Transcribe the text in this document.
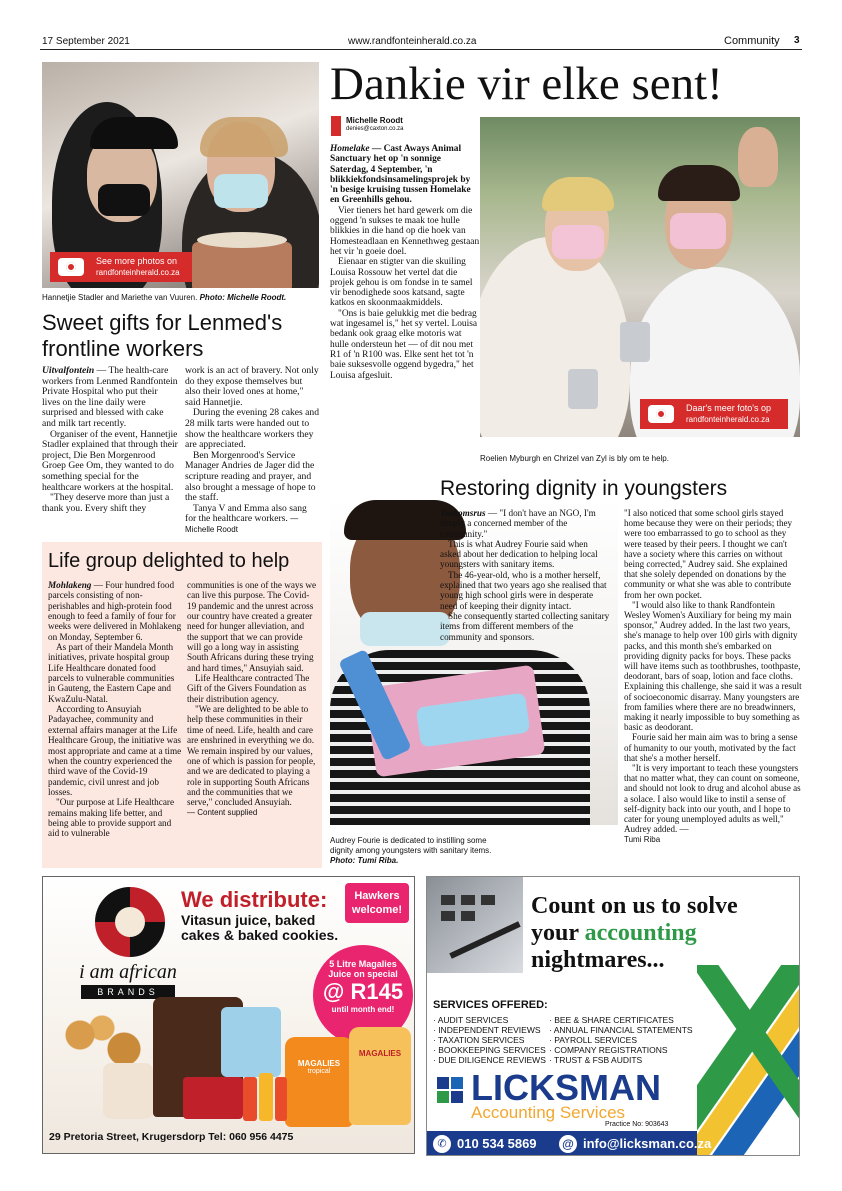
17 September 2021	www.randfonteinherald.co.za	Community 3
See more photos on
randfonteinherald.co.za
Hannetjie Stadler and Mariethe van Vuuren. Photo: Michelle Roodt.
Sweet gifts for Lenmed's frontline workers

Uitvalfontein — The health-care workers from Lenmed Randfontein Private Hospital who put their lives on the line daily were surprised and blessed with cake and milk tart recently.

Organiser of the event, Hannetjie Stadler explained that through their project, Die Ben Morgenrood Groep Gee Om, they wanted to do something special for the healthcare workers at the hospital.

"They deserve more than just a thank you. Every shift they

work is an act of bravery. Not only do they expose themselves but also their loved ones at home," said Hannetjie.

During the evening 28 cakes and 28 milk tarts were handed out to show the healthcare workers they are appreciated.

Ben Morgenrood's Service Manager Andries de Jager did the scripture reading and prayer, and also brought a message of hope to the staff.

Tanya V and Emma also sang for the healthcare workers. — Michelle Roodt

Dankie vir elke sent!
Michelle Roodt
denies@caxton.co.za

Homelake — Cast Aways Animal Sanctuary het op 'n sonnige Saterdag, 4 September, 'n blikkiekfondsinsamelingsprojek by 'n besige kruising tussen Homelake en Greenhills gehou.

Vier tieners het hard gewerk om die oggend 'n sukses te maak toe hulle blikkies in die hand op die hoek van Homesteadlaan en Kennethweg gestaan het vir 'n goeie doel.

Eienaar en stigter van die skuiling Louisa Rossouw het vertel dat die projek gehou is om fondse in te samel vir benodighede soos katsand, sagte katkos en skoonmaakmiddels.

"Ons is baie gelukkig met die bedrag wat ingesamel is," het sy vertel. Louisa bedank ook graag elke motoris wat hulle ondersteun het — of dit nou met R1 of 'n R100 was. Elke sent het tot 'n baie suksesvolle oggend bygedra," het Louisa afgesluit.

Daar's meer foto's op
randfonteinherald.co.za
Roelien Myburgh en Chrizel van Zyl is bly om te help.
Life group delighted to help

Mohlakeng — Four hundred food parcels consisting of non-perishables and high-protein food enough to feed a family of four for weeks were delivered in Mohlakeng on Monday, September 6.

As part of their Mandela Month initiatives, private hospital group Life Healthcare donated food parcels to vulnerable communities in Gauteng, the Eastern Cape and KwaZulu-Natal.

According to Ansuyiah Padayachee, community and external affairs manager at the Life Healthcare Group, the initiative was most appropriate and came at a time when the country experienced the third wave of the Covid-19 pandemic, civil unrest and job losses.

"Our purpose at Life Healthcare remains making life better, and being able to provide support and aid to vulnerable

communities is one of the ways we can live this purpose. The Covid-19 pandemic and the unrest across our country have created a greater need for hunger alleviation, and the support that we can provide will go a long way in assisting South Africans during these trying and hard times," Ansuyiah said.

Life Healthcare contracted The Gift of the Givers Foundation as their distribution agency.

"We are delighted to be able to help these communities in their time of need. Life, health and care are enshrined in everything we do. We remain inspired by our values, one of which is passion for people, and we are dedicated to playing a role in supporting South Africans and the communities that we serve," concluded Ansuyiah.

— Content supplied

Restoring dignity in youngsters
Audrey Fourie is dedicated to instilling some dignity among youngsters with sanitary items. Photo: Tumi Riba.

Toekomsrus — "I don't have an NGO, I'm simply a concerned member of the community."

This is what Audrey Fourie said when asked about her dedication to helping local youngsters with sanitary items.

The 46-year-old, who is a mother herself, explained that two years ago she realised that young high school girls were in desperate need of keeping their dignity intact.

She consequently started collecting sanitary items from different members of the community and sponsors.

"I also noticed that some school girls stayed home because they were on their periods; they were too embarrassed to go to school as they were teased by their peers. I thought we can't have a society where this carries on without being corrected," Audrey said. She explained that she solely depended on donations by the community or what she was able to contribute from her own pocket.

"I would also like to thank Randfontein Wesley Women's Auxiliary for being my main sponsor," Audrey added. In the last two years, she's manage to help over 100 girls with dignity packs, and this month she's embarked on providing dignity packs for boys. These packs will have items such as toothbrushes, toothpaste, deodorant, bars of soap, lotion and face cloths. Explaining this challenge, she said it was a result of socioeconomic disarray. Many youngsters are from families where there are no breadwinners, making it nearly impossible to buy something as basic as deodorant.

Fourie said her main aim was to bring a sense of humanity to our youth, motivated by the fact that she's a mother herself.

"It is very important to teach these youngsters that no matter what, they can count on someone, and should not look to drug and alcohol abuse as a solace. I also would like to instil a sense of self-dignity back into our youth, and I hope to cater for young unemployed adults as well," Audrey added. —

Tumi Riba

i am african
BRANDS
We distribute:
Vitasun juice, baked cakes & baked cookies.
Hawkers
welcome!
5 Litre Magalies
Juice on special
@ R145
until month end!
MAGALIES
tropical
MAGALIES
29 Pretoria Street, Krugersdorp Tel: 060 956 4475
Count on us to solve
your accounting
nightmares...
SERVICES OFFERED:
· AUDIT SERVICES
· INDEPENDENT REVIEWS
· TAXATION SERVICES
· BOOKKEEPING SERVICES
· DUE DILIGENCE REVIEWS
· BEE & SHARE CERTIFICATES
· ANNUAL FINANCIAL STATEMENTS
· PAYROLL SERVICES
· COMPANY REGISTRATIONS
· TRUST & FSB AUDITS
LICKSMAN
Accounting Services
Practice No: 903643
✆ 010 534 5869 @ info@licksman.co.za
